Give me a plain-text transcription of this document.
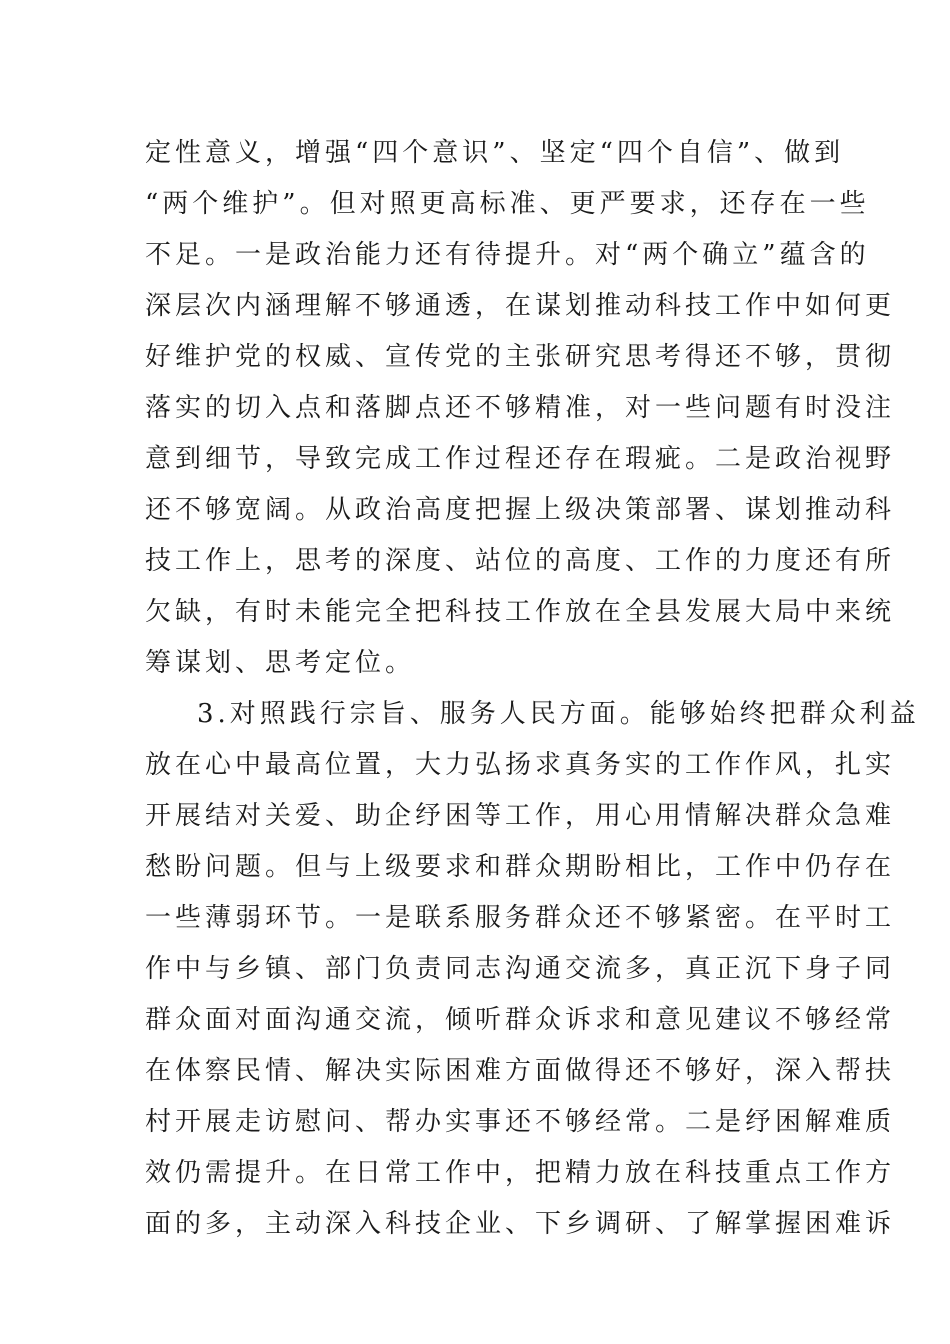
定性意义，增强“四个意识”、坚定“四个自信”、做到
“两个维护”。但对照更高标准、更严要求，还存在一些
不足。一是政治能力还有待提升。对“两个确立”蕴含的
深层次内涵理解不够通透，在谋划推动科技工作中如何更
好维护党的权威、宣传党的主张研究思考得还不够，贯彻
落实的切入点和落脚点还不够精准，对一些问题有时没注
意到细节，导致完成工作过程还存在瑕疵。二是政治视野
还不够宽阔。从政治高度把握上级决策部署、谋划推动科
技工作上，思考的深度、站位的高度、工作的力度还有所
欠缺，有时未能完全把科技工作放在全县发展大局中来统
筹谋划、思考定位。
3.对照践行宗旨、服务人民方面。能够始终把群众利益
放在心中最高位置，大力弘扬求真务实的工作作风，扎实
开展结对关爱、助企纾困等工作，用心用情解决群众急难
愁盼问题。但与上级要求和群众期盼相比，工作中仍存在
一些薄弱环节。一是联系服务群众还不够紧密。在平时工
作中与乡镇、部门负责同志沟通交流多，真正沉下身子同
群众面对面沟通交流，倾听群众诉求和意见建议不够经常
在体察民情、解决实际困难方面做得还不够好，深入帮扶
村开展走访慰问、帮办实事还不够经常。二是纾困解难质
效仍需提升。在日常工作中，把精力放在科技重点工作方
面的多，主动深入科技企业、下乡调研、了解掌握困难诉
